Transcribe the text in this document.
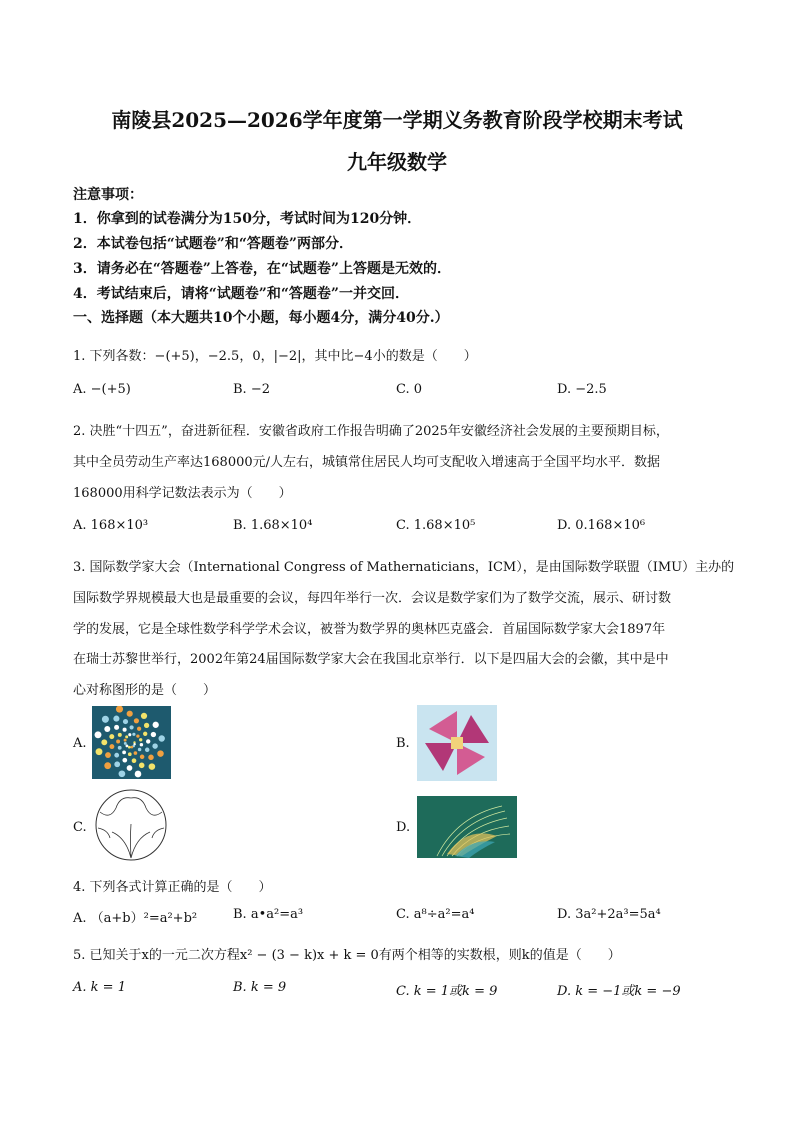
南陵县2025—2026学年度第一学期义务教育阶段学校期末考试
九年级数学
注意事项：
1．你拿到的试卷满分为150分，考试时间为120分钟．
2．本试卷包括“试题卷”和“答题卷”两部分．
3．请务必在“答题卷”上答卷，在“试题卷”上答题是无效的．
4．考试结束后，请将“试题卷”和“答题卷”一并交回．
一、选择题（本大题共10个小题，每小题4分，满分40分.）
1. 下列各数：−(+5)，−2.5，0，|−2|，其中比−4小的数是（　　）
A. −(+5)	B. −2	C. 0	D. −2.5
2. 决胜“十四五”，奋进新征程．安徽省政府工作报告明确了2025年安徽经济社会发展的主要预期目标，
其中全员劳动生产率达168000元/人左右，城镇常住居民人均可支配收入增速高于全国平均水平．数据
168000用科学记数法表示为（　　）
A. 168×10³	B. 1.68×10⁴	C. 1.68×10⁵	D. 0.168×10⁶
3. 国际数学家大会（International Congress of Mathernaticians，ICM），是由国际数学联盟（IMU）主办的
国际数学界规模最大也是最重要的会议，每四年举行一次．会议是数学家们为了数学交流，展示、研讨数
学的发展，它是全球性数学科学学术会议，被誉为数学界的奥林匹克盛会．首届国际数学家大会1897年
在瑞士苏黎世举行，2002年第24届国际数学家大会在我国北京举行．以下是四届大会的会徽，其中是中
心对称图形的是（　　）
A.	B.
C.	D.
4. 下列各式计算正确的是（　　）
A. （a+b）²=a²+b²	B. a•a²=a³	C. a⁸÷a²=a⁴	D. 3a²+2a³=5a⁴
5. 已知关于x的一元二次方程x² − (3 − k)x + k = 0有两个相等的实数根，则k的值是（　　）
A. k = 1	B. k = 9	C. k = 1或k = 9	D. k = −1或k = −9
